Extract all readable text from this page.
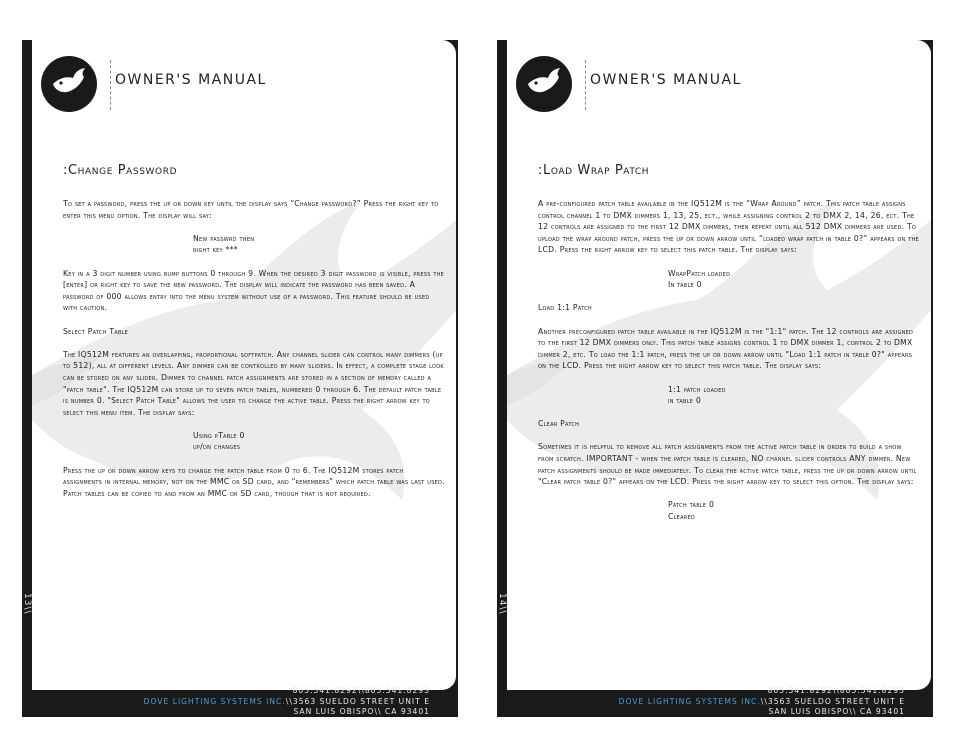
OWNER'S MANUAL
:Change Password

To set a password, press the up or down key until the display says “Change password?” Press the right key to enter this menu option. The display will say:

New passwrd then
right key ***

Key in a 3 digit number using bump buttons 0 through 9. When the desired 3 digit password is visible, press the [enter] or right key to save the new password. The display will indicate the password has been saved. A password of 000 allows entry into the menu system without use of a password. This feature should be used with caution.

Select Patch Table

The IQ512M features an overlapping, proportional softpatch. Any channel slider can control many dimmers (up to 512), all at different levels. Any dimmer can be controlled by many sliders. In effect, a complete stage look can be stored on any slider. Dimmer to channel patch assignments are stored in a section of memory called a "patch table". The IQ512M can store up to seven patch tables, numbered 0 through 6. The default patch table is number 0. "Select Patch Table" allows the user to change the active table. Press the right arrow key to select this menu item. The display says:

Using pTable 0
up/dn changes

Press the up or down arrow keys to change the patch table from 0 to 6. The IQ512M stores patch assignments in internal memory, not on the MMC or SD card, and "remembers" which patch table was last used. Patch tables can be copied to and from an MMC or SD card, though that is not required.

13\\
805.541.8292\\805.541.8293
DOVE LIGHTING SYSTEMS INC.\\3563 SUELDO STREET UNIT E
SAN LUIS OBISPO\\ CA 93401
OWNER'S MANUAL
:Load Wrap Patch

A pre-configured patch table available in the IQ512M is the “Wrap Around” patch. This patch table assigns control channel 1 to DMX dimmers 1, 13, 25, ect., while assigning control 2 to DMX 2, 14, 26, ect. The 12 controls are assigned to the first 12 DMX dimmers, then repeat until all 512 DMX dimmers are used. To upload the wrap around patch, press the up or down arrow until “loaded wrap patch in table 0?” appears on the LCD. Press the right arrow key to select this patch table. The display says:

WrapPatch loaded
In table 0

Load 1:1 Patch

Another preconfigured patch table available in the IQ512M is the "1:1" patch. The 12 controls are assigned to the first 12 DMX dimmers only. This patch table assigns control 1 to DMX dimmer 1, control 2 to DMX dimmer 2, etc. To load the 1:1 patch, press the up or down arrow until "Load 1:1 patch in table 0?" appears on the LCD. Press the right arrow key to select this patch table. The display says:

1:1 patch loaded
in table 0

Clear Patch

Sometimes it is helpful to remove all patch assignments from the active patch table in order to build a show from scratch. IMPORTANT - when the patch table is cleared, NO channel slider controls ANY dimmer. New patch assignments should be made immediately. To clear the active patch table, press the up or down arrow until "Clear patch table 0?" appears on the LCD. Press the right arrow key to select this option. The display says:

Patch table 0
Cleared
14\\
805.541.8292\\805.541.8293
DOVE LIGHTING SYSTEMS INC.\\3563 SUELDO STREET UNIT E
SAN LUIS OBISPO\\ CA 93401
